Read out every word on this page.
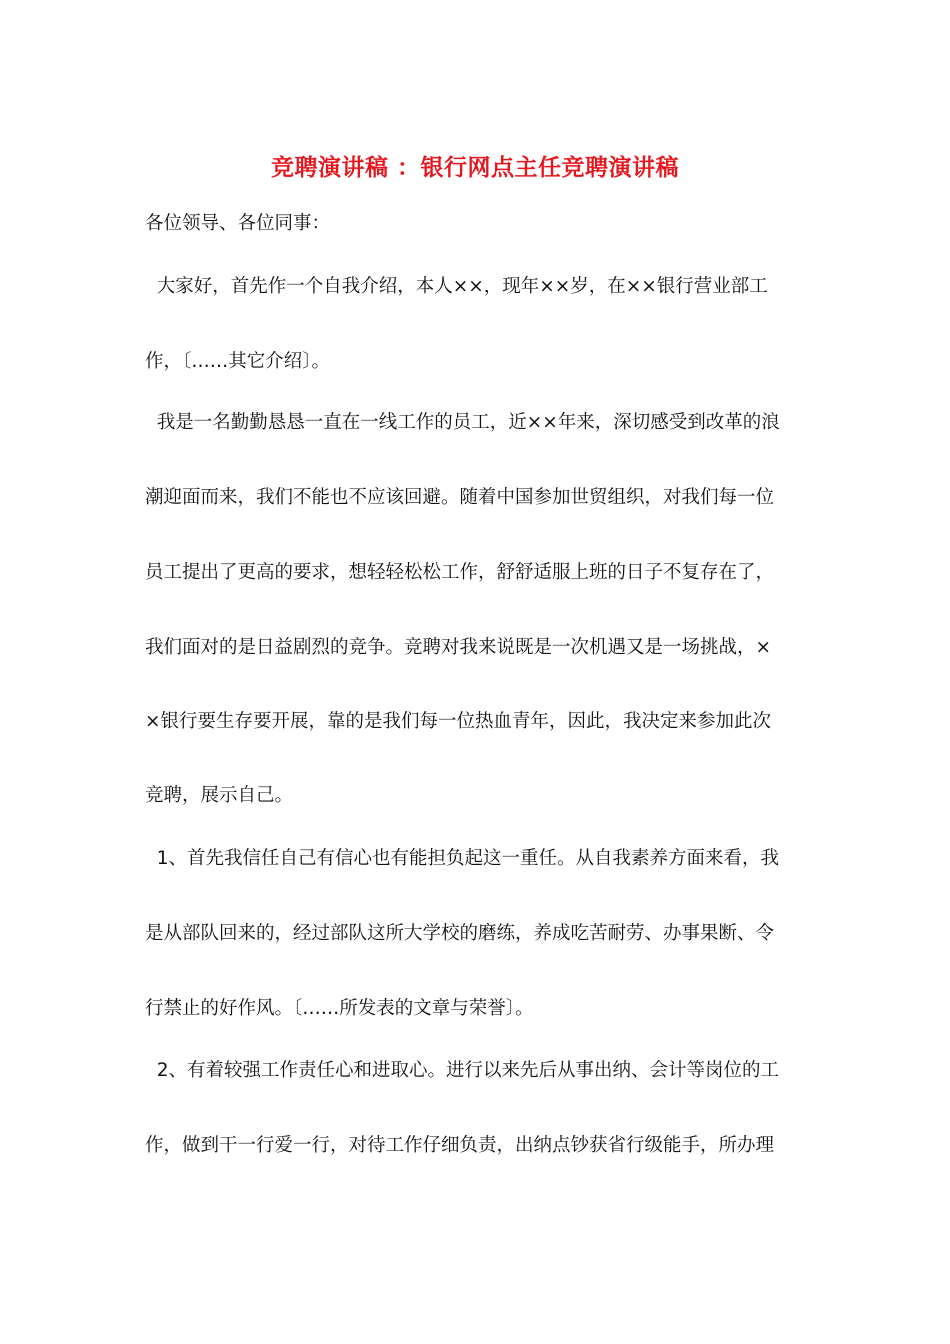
竞聘演讲稿 ：银行网点主任竞聘演讲稿
各位领导、各位同事：
大家好，首先作一个自我介绍，本人××，现年××岁，在××银行营业部工
作，〔……其它介绍〕。
我是一名勤勤恳恳一直在一线工作的员工，近××年来，深切感受到改革的浪
潮迎面而来，我们不能也不应该回避。随着中国参加世贸组织，对我们每一位
员工提出了更高的要求，想轻轻松松工作，舒舒适服上班的日子不复存在了，
我们面对的是日益剧烈的竞争。竞聘对我来说既是一次机遇又是一场挑战，×
×银行要生存要开展，靠的是我们每一位热血青年，因此，我决定来参加此次
竞聘，展示自己。
1、首先我信任自己有信心也有能担负起这一重任。从自我素养方面来看，我
是从部队回来的，经过部队这所大学校的磨练，养成吃苦耐劳、办事果断、令
行禁止的好作风。〔……所发表的文章与荣誉〕。
2、有着较强工作责任心和进取心。进行以来先后从事出纳、会计等岗位的工
作，做到干一行爱一行，对待工作仔细负责，出纳点钞获省行级能手，所办理
